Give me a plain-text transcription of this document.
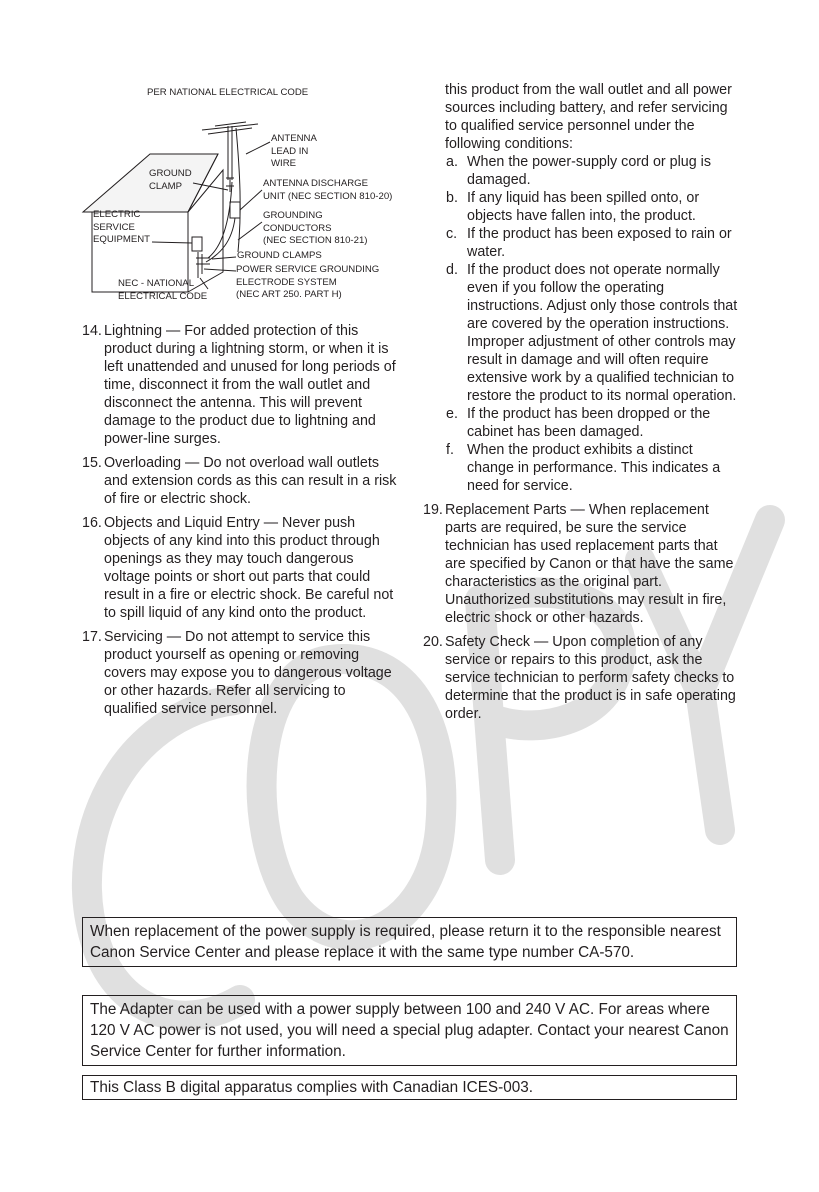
PER NATIONAL ELECTRICAL CODE
ANTENNA
LEAD IN
WIRE
GROUND
CLAMP	ANTENNA DISCHARGE
UNIT (NEC SECTION 810-20)
ELECTRIC
SERVICE
EQUIPMENT
GROUNDING
CONDUCTORS
(NEC SECTION 810-21)
GROUND CLAMPS
POWER SERVICE GROUNDING
ELECTRODE SYSTEM
(NEC ART 250. PART H)
NEC - NATIONAL
ELECTRICAL CODE
14. Lightning — For added protection of this product during a lightning storm, or when it is left unattended and unused for long periods of time, disconnect it from the wall outlet and disconnect the antenna. This will prevent damage to the product due to lightning and power-line surges.
15. Overloading — Do not overload wall outlets and extension cords as this can result in a risk of fire or electric shock.
16. Objects and Liquid Entry — Never push objects of any kind into this product through openings as they may touch dangerous voltage points or short out parts that could result in a fire or electric shock. Be careful not to spill liquid of any kind onto the product.
17. Servicing — Do not attempt to service this product yourself as opening or removing covers may expose you to dangerous voltage or other hazards. Refer all servicing to qualified service personnel.
this product from the wall outlet and all power sources including battery, and refer servicing to qualified service personnel under the following conditions:
a. When the power-supply cord or plug is damaged.
b. If any liquid has been spilled onto, or objects have fallen into, the product.
c. If the product has been exposed to rain or water.
d. If the product does not operate normally even if you follow the operating instructions. Adjust only those controls that are covered by the operation instructions. Improper adjustment of other controls may result in damage and will often require extensive work by a qualified technician to restore the product to its normal operation.
e. If the product has been dropped or the cabinet has been damaged.
f. When the product exhibits a distinct change in performance. This indicates a need for service.
19. Replacement Parts — When replacement parts are required, be sure the service technician has used replacement parts that are specified by Canon or that have the same characteristics as the original part. Unauthorized substitutions may result in fire, electric shock or other hazards.
20. Safety Check — Upon completion of any service or repairs to this product, ask the service technician to perform safety checks to determine that the product is in safe operating order.
When replacement of the power supply is required, please return it to the responsible nearest Canon Service Center and please replace it with the same type number CA-570.
The Adapter can be used with a power supply between 100 and 240 V AC. For areas where 120 V AC power is not used, you will need a special plug adapter. Contact your nearest Canon Service Center for further information.
This Class B digital apparatus complies with Canadian ICES-003.
